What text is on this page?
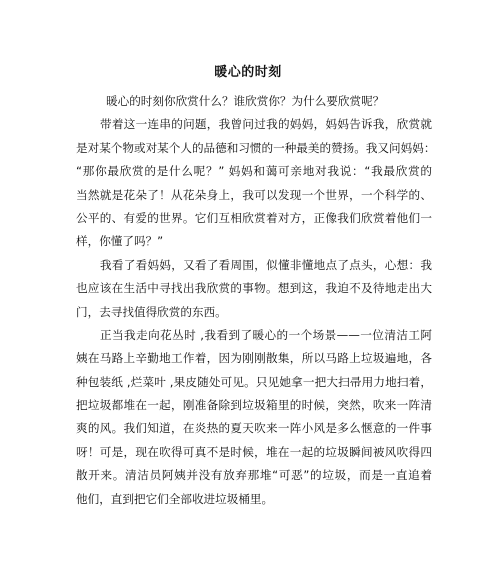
暖心的时刻
暖心的时刻你欣赏什么？谁欣赏你？为什么要欣赏呢？
带着这一连串的问题，我曾问过我的妈妈，妈妈告诉我，欣赏就
是对某个物或对某个人的品德和习惯的一种最美的赞扬。我又问妈妈：
“那你最欣赏的是什么呢？” 妈妈和蔼可亲地对我说：“我最欣赏的
当然就是花朵了！从花朵身上，我可以发现一个世界，一个科学的、
公平的、有爱的世界。它们互相欣赏着对方，正像我们欣赏着他们一
样，你懂了吗？”
我看了看妈妈，又看了看周围，似懂非懂地点了点头，心想：我
也应该在生活中寻找出我欣赏的事物。想到这，我迫不及待地走出大
门，去寻找值得欣赏的东西。
正当我走向花丛时 ,我看到了暖心的一个场景——一位清洁工阿
姨在马路上辛勤地工作着，因为刚刚散集，所以马路上垃圾遍地，各
种包装纸 ,烂菜叶 ,果皮随处可见。只见她拿一把大扫帚用力地扫着，
把垃圾都堆在一起，刚准备除到垃圾箱里的时候，突然，吹来一阵清
爽的风。我们知道，在炎热的夏天吹来一阵小风是多么惬意的一件事
呀！可是，现在吹得可真不是时候，堆在一起的垃圾瞬间被风吹得四
散开来。清洁员阿姨并没有放弃那堆“可恶”的垃圾，而是一直追着
他们，直到把它们全部收进垃圾桶里。
